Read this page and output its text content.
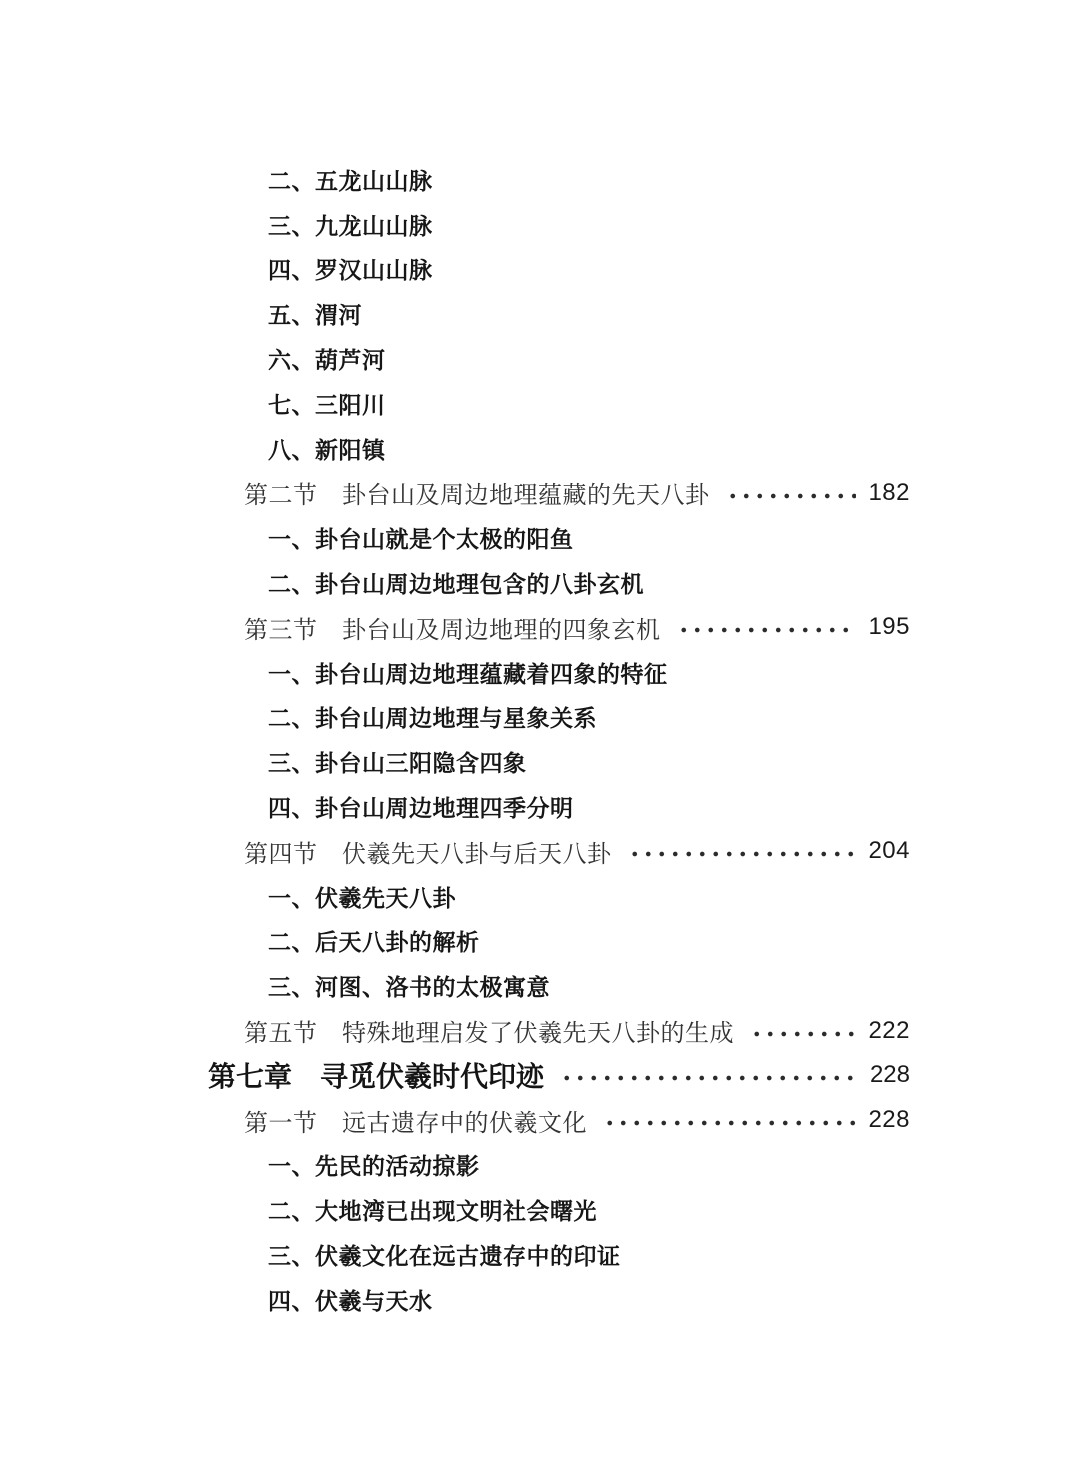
二、五龙山山脉
三、九龙山山脉
四、罗汉山山脉
五、渭河
六、葫芦河
七、三阳川
八、新阳镇
第二节　卦台山及周边地理蕴藏的先天八卦	182
一、卦台山就是个太极的阳鱼
二、卦台山周边地理包含的八卦玄机
第三节　卦台山及周边地理的四象玄机	195
一、卦台山周边地理蕴藏着四象的特征
二、卦台山周边地理与星象关系
三、卦台山三阳隐含四象
四、卦台山周边地理四季分明
第四节　伏羲先天八卦与后天八卦	204
一、伏羲先天八卦
二、后天八卦的解析
三、河图、洛书的太极寓意
第五节　特殊地理启发了伏羲先天八卦的生成	222
第七章　寻觅伏羲时代印迹	228
第一节　远古遗存中的伏羲文化	228
一、先民的活动掠影
二、大地湾已出现文明社会曙光
三、伏羲文化在远古遗存中的印证
四、伏羲与天水
